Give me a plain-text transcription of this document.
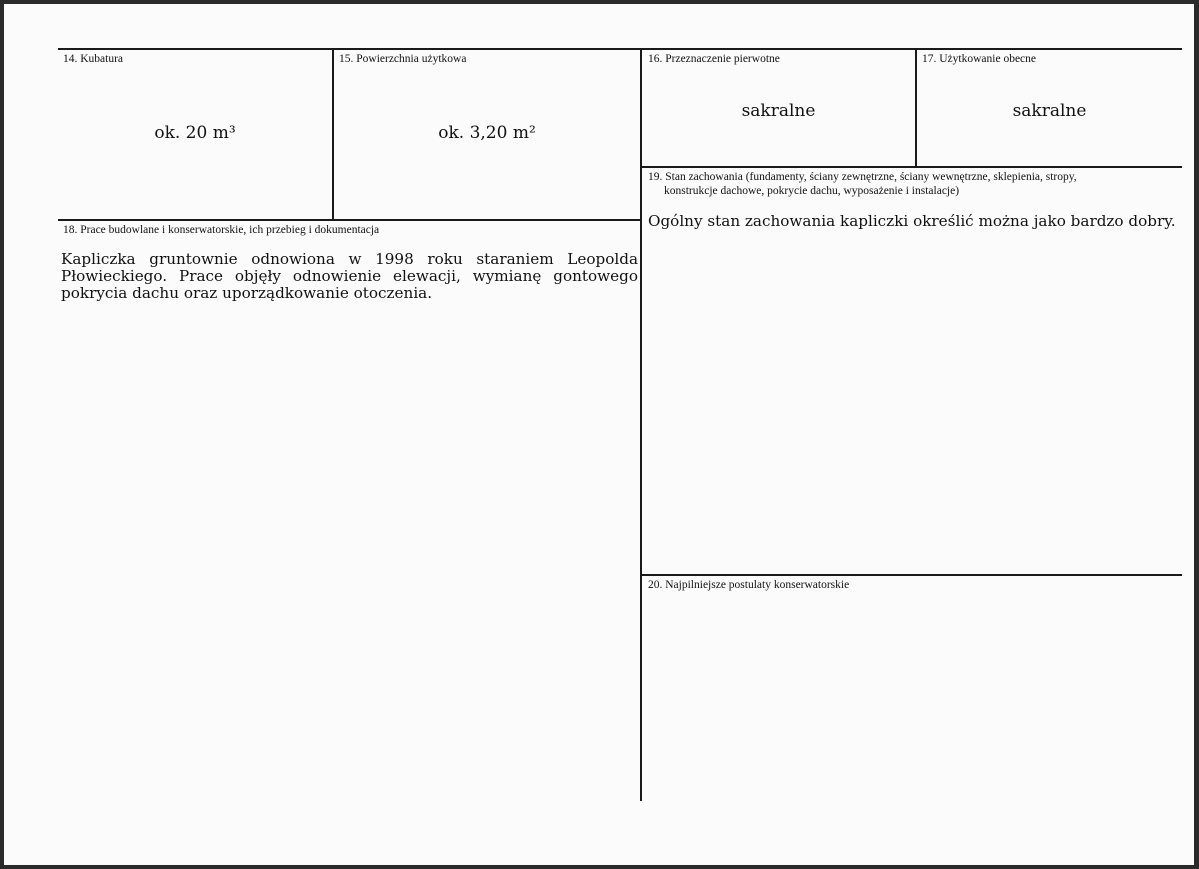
14. Kubatura
ok. 20 m³
15. Powierzchnia użytkowa
ok. 3,20 m²
16. Przeznaczenie pierwotne
sakralne
17. Użytkowanie obecne
sakralne
19. Stan zachowania (fundamenty, ściany zewnętrzne, ściany wewnętrzne, sklepienia, stropy,
konstrukcje dachowe, pokrycie dachu, wyposażenie i instalacje)
Ogólny stan zachowania kapliczki określić można jako bardzo dobry.
18. Prace budowlane i konserwatorskie, ich przebieg i dokumentacja
Kapliczka gruntownie odnowiona w 1998 roku staraniem Leopolda Płowieckiego. Prace objęły odnowienie elewacji, wymianę gontowego pokrycia dachu oraz uporządkowanie otoczenia.
20. Najpilniejsze postulaty konserwatorskie
